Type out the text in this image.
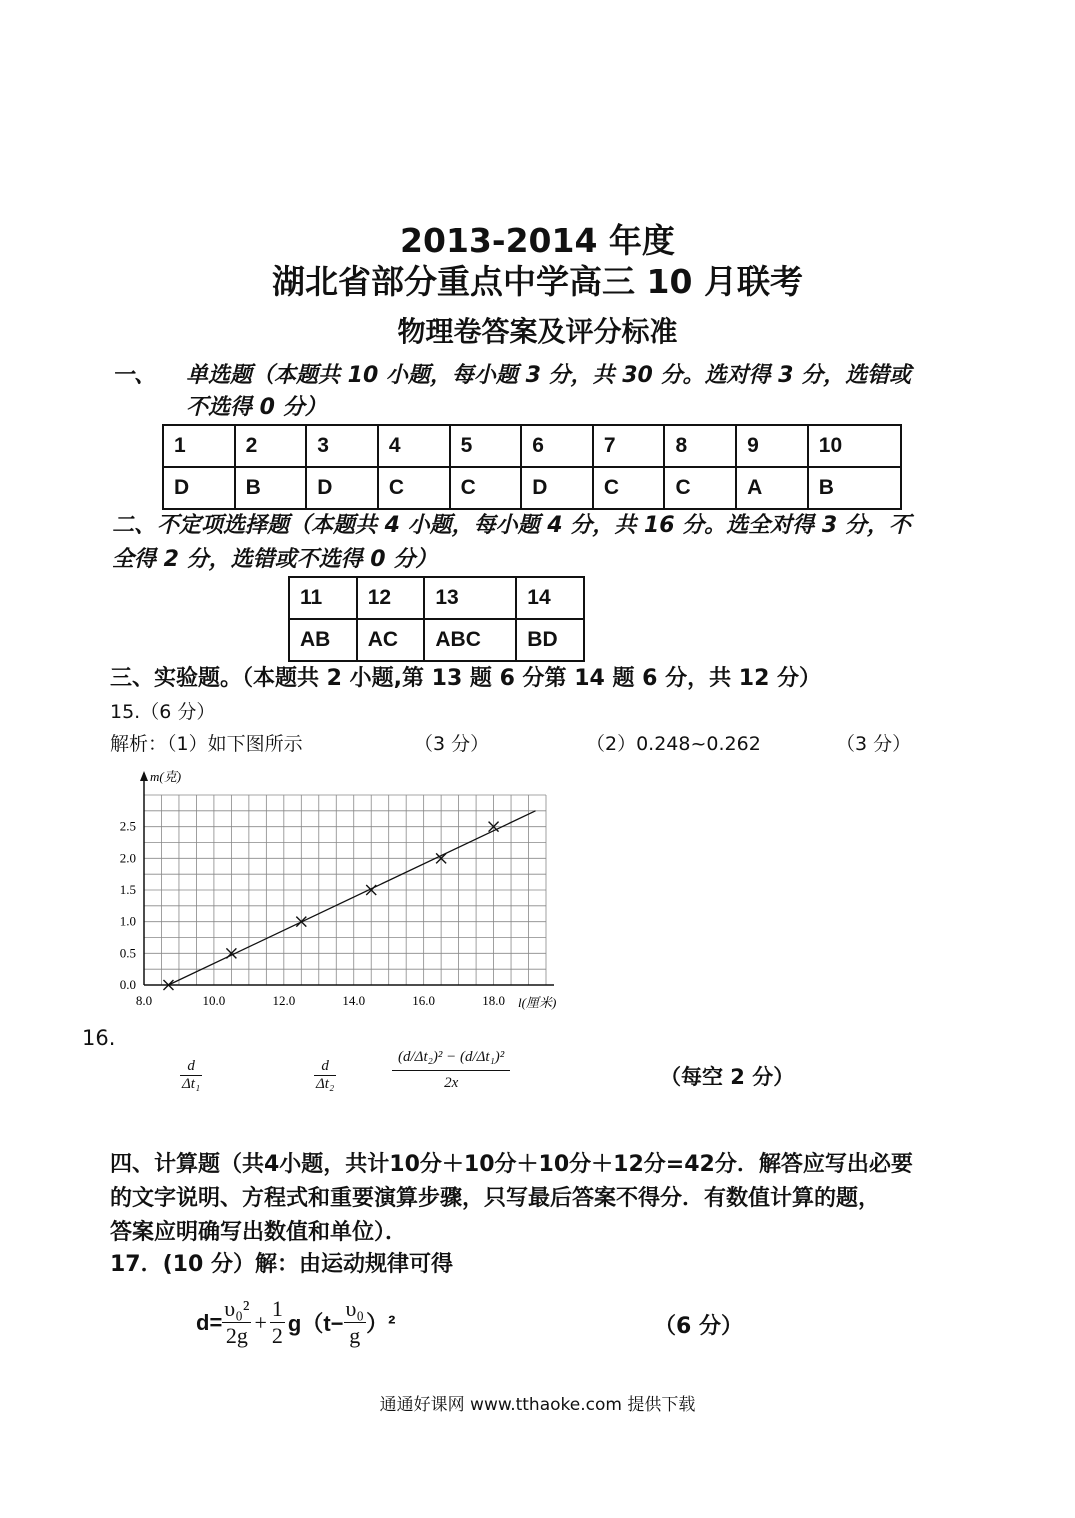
2013-2014 年度
湖北省部分重点中学高三 10 月联考
物理卷答案及评分标准
一、 单选题（本题共 10 小题，每小题 3 分，共 30 分。选对得 3 分，选错或
不选得 0 分）
1	2	3	4	5	6	7	8	9	10
D	B	D	C	C	D	C	C	A	B
二、 不定项选择题（本题共 4 小题，每小题 4 分，共 16 分。选全对得 3 分，不
全得 2 分，选错或不选得 0 分）
11	12	13	14
AB	AC	ABC	BD
三、实验题。（本题共 2 小题,第 13 题 6 分第 14 题 6 分，共 12 分）
15.（6 分）
解析：（1）如下图所示	（3 分）	（2）0.248~0.262	（3 分）
8.0	10.0	12.0	14.0	16.0	18.0
0.0
0.5
1.0
1.5
2.0
2.5
m(克)
l(厘米)
16.
$\frac{d}{\text{Δt₁}}$	$\frac{d}{\text{Δt₂}}$	$\frac{\text{(d/Δt₂)² − (d/Δt₁)²}}{2x}$	（每空 2 分）
四、计算题（共4小题，共计10分＋10分＋10分＋12分=42分．解答应写出必要
的文字说明、方程式和重要演算步骤，只写最后答案不得分．有数值计算的题，
答案应明确写出数值和单位）．
17．(10 分）解：由运动规律可得
$d= \frac{\text{υ₀²}}{2g} + \frac{1}{2} g(t- \frac{\text{υ₀}}{g} )^2$	（6 分）
通通好课网 www.tthaoke.com 提供下载
